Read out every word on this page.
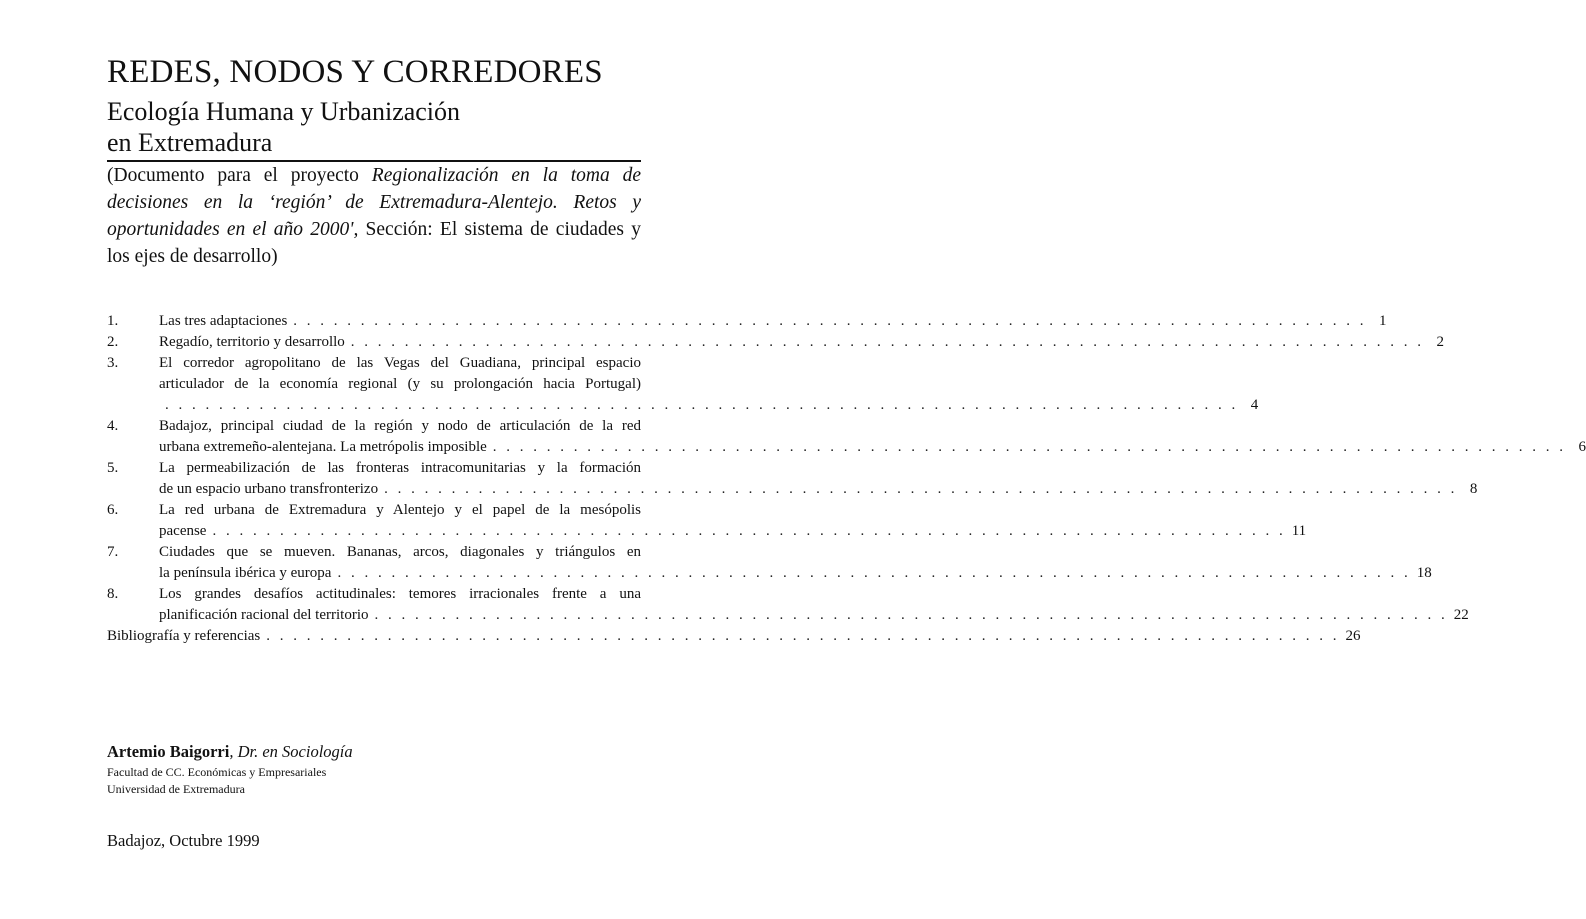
REDES, NODOS Y CORREDORES
Ecología Humana y Urbanización
en Extremadura
(Documento para el proyecto Regionalización en la toma de decisiones en la ‘región’ de Extremadura-Alentejo. Retos y oportunidades en el año 2000', Sección: El sistema de ciudades y los ejes de desarrollo)
1.	Las tres adaptaciones . . . . . . . . . . . . . . . . . . . . . . . . . . . . . . . . . . . . . . . . . . . . . . . . . . . . . . . . . . . . . . . . . . . . . . . . . . . . . . . . 1
2.	Regadío, territorio y desarrollo . . . . . . . . . . . . . . . . . . . . . . . . . . . . . . . . . . . . . . . . . . . . . . . . . . . . . . . . . . . . . . . . . . . . . . . . . . . . . . . . 2
3.	El corredor agropolitano de las Vegas del Guadiana, principal espacio
articulador de la economía regional (y su prolongación hacia Portugal)
. . . . . . . . . . . . . . . . . . . . . . . . . . . . . . . . . . . . . . . . . . . . . . . . . . . . . . . . . . . . . . . . . . . . . . . . . . . . . . . . 4
4.	Badajoz, principal ciudad de la región y nodo de articulación de la red
urbana extremeño-alentejana. La metrópolis imposible . . . . . . . . . . . . . . . . . . . . . . . . . . . . . . . . . . . . . . . . . . . . . . . . . . . . . . . . . . . . . . . . . . . . . . . . . . . . . . . . 6
5.	La permeabilización de las fronteras intracomunitarias y la formación
de un espacio urbano transfronterizo . . . . . . . . . . . . . . . . . . . . . . . . . . . . . . . . . . . . . . . . . . . . . . . . . . . . . . . . . . . . . . . . . . . . . . . . . . . . . . . . 8
6.	La red urbana de Extremadura y Alentejo y el papel de la mesópolis
pacense . . . . . . . . . . . . . . . . . . . . . . . . . . . . . . . . . . . . . . . . . . . . . . . . . . . . . . . . . . . . . . . . . . . . . . . . . . . . . . . . 11
7.	Ciudades que se mueven. Bananas, arcos, diagonales y triángulos en
la península ibérica y europa . . . . . . . . . . . . . . . . . . . . . . . . . . . . . . . . . . . . . . . . . . . . . . . . . . . . . . . . . . . . . . . . . . . . . . . . . . . . . . . . 18
8.	Los grandes desafíos actitudinales: temores irracionales frente a una
planificación racional del territorio . . . . . . . . . . . . . . . . . . . . . . . . . . . . . . . . . . . . . . . . . . . . . . . . . . . . . . . . . . . . . . . . . . . . . . . . . . . . . . . . 22
Bibliografía y referencias . . . . . . . . . . . . . . . . . . . . . . . . . . . . . . . . . . . . . . . . . . . . . . . . . . . . . . . . . . . . . . . . . . . . . . . . . . . . . . . . 26
Artemio Baigorri, Dr. en Sociología
Facultad de CC. Económicas y Empresariales
Universidad de Extremadura
Badajoz, Octubre 1999
